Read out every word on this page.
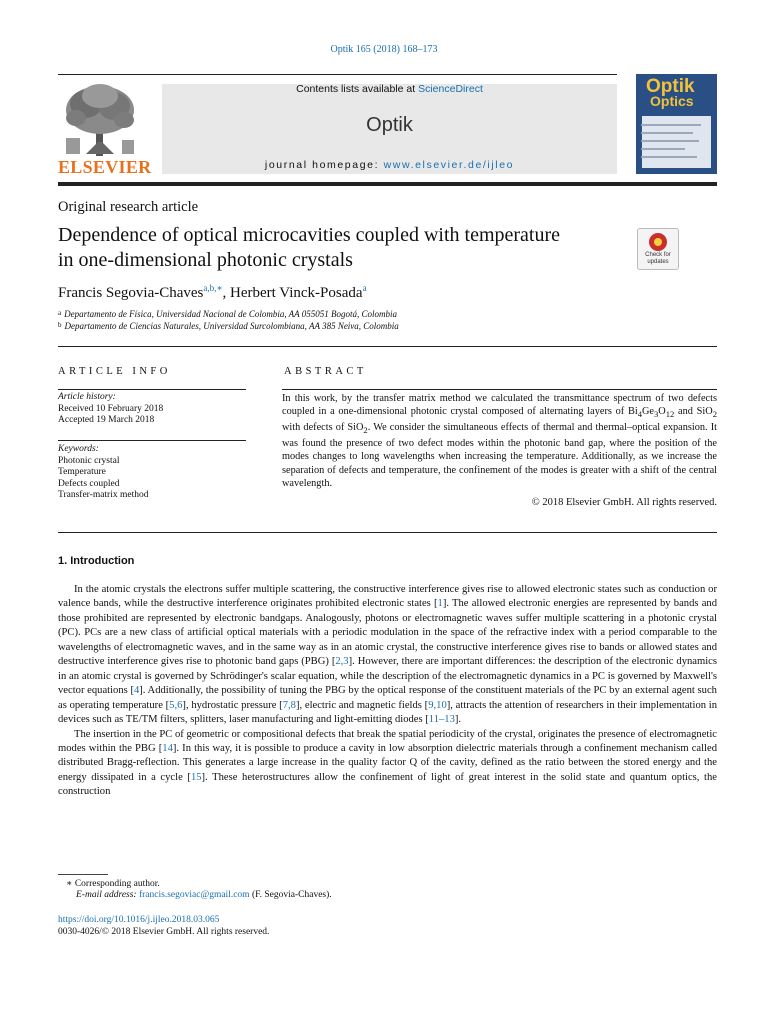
Optik 165 (2018) 168–173
ELSEVIER
Contents lists available at ScienceDirect
Optik
journal homepage: www.elsevier.de/ijleo
Optik
Optics
Original research article
Dependence of optical microcavities coupled with temperature in one-dimensional photonic crystals	Check for updates
Francis Segovia-Chaves$^{a,b,∗}$, Herbert Vinck-Posada$^a$
$^a$ Departamento de Física, Universidad Nacional de Colombia, AA 055051 Bogotá, Colombia
$^b$ Departamento de Ciencias Naturales, Universidad Surcolombiana, AA 385 Neiva, Colombia
ARTICLE INFO
Article history:
Received 10 February 2018
Accepted 19 March 2018
Keywords:
Photonic crystal
Temperature
Defects coupled
Transfer-matrix method
ABSTRACT
In this work, by the transfer matrix method we calculated the transmittance spectrum of two defects coupled in a one-dimensional photonic crystal composed of alternating layers of $Bi_4Ge_3O_{12}$ and SiO$_2$ with defects of SiO$_2$. We consider the simultaneous effects of thermal and thermal–optical expansion. It was found the presence of two defect modes within the photonic band gap, where the position of the modes changes to long wavelengths when increasing the temperature. Additionally, as we increase the separation of defects and temperature, the confinement of the modes is greater with a shift of the central wavelength.
© 2018 Elsevier GmbH. All rights reserved.
1. Introduction

In the atomic crystals the electrons suffer multiple scattering, the constructive interference gives rise to allowed electronic states such as conduction or valence bands, while the destructive interference originates prohibited electronic states [1]. The allowed electronic energies are represented by bands and those prohibited are represented by electronic bandgaps. Analogously, photons or electromagnetic waves suffer multiple scattering in a photonic crystal (PC). PCs are a new class of artificial optical materials with a periodic modulation in the space of the refractive index with a period comparable to the wavelengths of electromagnetic waves, and in the same way as in an atomic crystal, the constructive interference gives rise to bands or allowed states and destructive interference gives rise to photonic band gaps (PBG) [2,3]. However, there are important differences: the description of the electronic dynamics in an atomic crystal is governed by Schrödinger's scalar equation, while the description of the electromagnetic dynamics in a PC is governed by Maxwell's vector equations [4]. Additionally, the possibility of tuning the PBG by the optical response of the constituent materials of the PC by an external agent such as operating temperature [5,6], hydrostatic pressure [7,8], electric and magnetic fields [9,10], attracts the attention of researchers in their implementation in devices such as TE/TM filters, splitters, laser manufacturing and light-emitting diodes [11–13].

The insertion in the PC of geometric or compositional defects that break the spatial periodicity of the crystal, originates the presence of electromagnetic modes within the PBG [14]. In this way, it is possible to produce a cavity in low absorption dielectric materials through a confinement mechanism called distributed Bragg-reflection. This generates a large increase in the quality factor Q of the cavity, defined as the ratio between the stored energy and the energy dissipated in a cycle [15]. These heterostructures allow the confinement of light of great interest in the solid state and quantum optics, the construction

∗ Corresponding author.
E-mail address: francis.segoviac@gmail.com (F. Segovia-Chaves).
https://doi.org/10.1016/j.ijleo.2018.03.065
0030-4026/© 2018 Elsevier GmbH. All rights reserved.
